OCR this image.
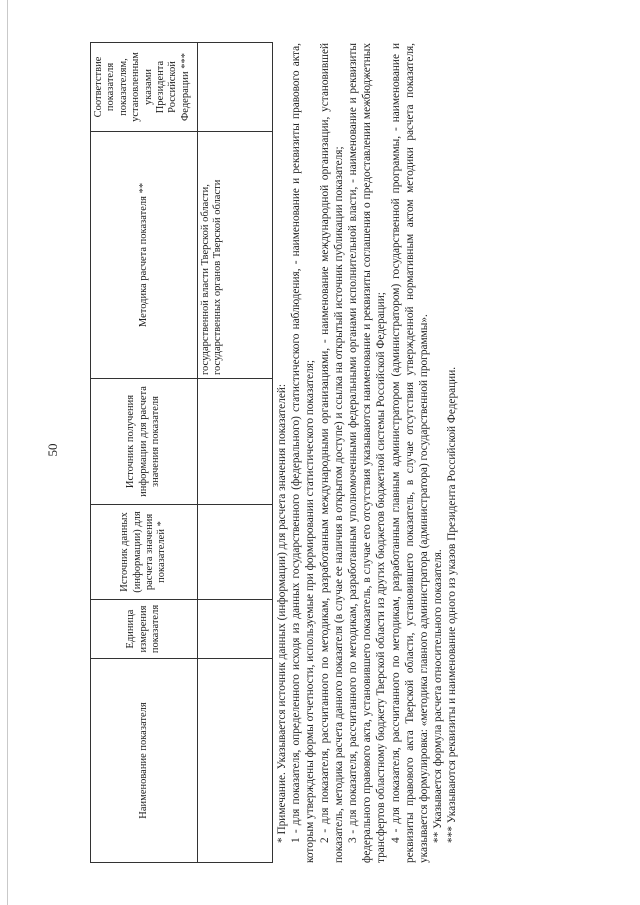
50
Наименование показателя	Единица измерения показателя	Источник данных (информации) для расчета значения показателей *	Источник получения информации для расчета значения показателя	Методика расчета показателя **	Соответствие показателя показателям, установленным указами Президента Российской Федерации ***
				государственной власти Тверской области, государственных органов Тверской области	

* Примечание. Указывается источник данных (информации) для расчета значения показателей: 1 - для показателя, определенного исходя из данных государственного (федерального) статистического наблюдения, - наименование и реквизиты правового акта, которым утверждены формы отчетности, используемые при формировании статистического показателя; 2 - для показателя, рассчитанного по методикам, разработанным международными организациями, - наименование международной организации, установившей показатель, методика расчета данного показателя (в случае ее наличия в открытом доступе) и ссылка на открытый источник публикации показателя; 3 - для показателя, рассчитанного по методикам, разработанным уполномоченными федеральными органами исполнительной власти, - наименование и реквизиты федерального правового акта, установившего показатель, в случае его отсутствия указываются наименование и реквизиты соглашения о предоставлении межбюджетных трансфертов областному бюджету Тверской области из других бюджетов бюджетной системы Российской Федерации; 4 - для показателя, рассчитанного по методикам, разработанным главным администратором (администратором) государственной программы, - наименование и реквизиты правового акта Тверской области, установившего показатель, в случае отсутствия утвержденной нормативным актом методики расчета показателя, указывается формулировка: «методика главного администратора (администратора) государственной программы». ** Указывается формула расчета относительного показателя. *** Указываются реквизиты и наименование одного из указов Президента Российской Федерации.
